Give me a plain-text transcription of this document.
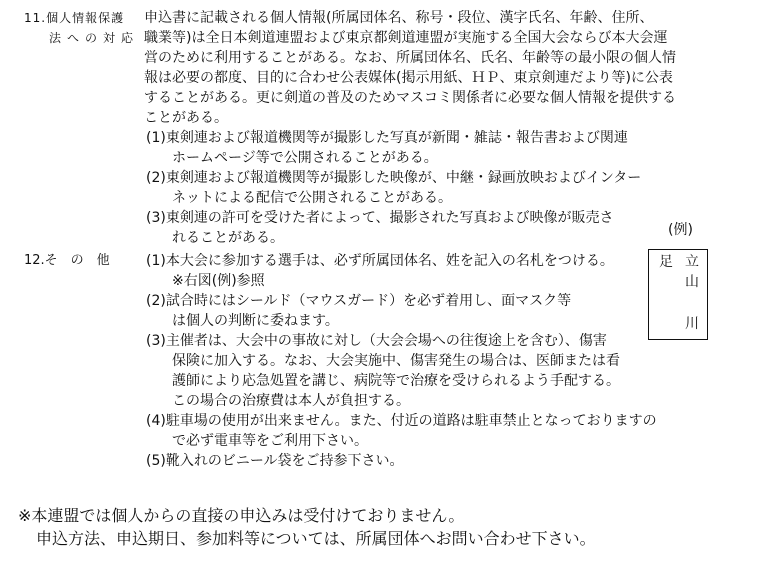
11.個人情報保護
法への対応
申込書に記載される個人情報(所属団体名、称号・段位、漢字氏名、年齢、住所、
職業等)は全日本剣道連盟および東京都剣道連盟が実施する全国大会ならび本大会運
営のために利用することがある。なお、所属団体名、氏名、年齢等の最小限の個人情
報は必要の都度、目的に合わせ公表媒体(掲示用紙、ＨＰ、東京剣連だより等)に公表
することがある。更に剣道の普及のためマスコミ関係者に必要な個人情報を提供する
ことがある。
(1)東剣連および報道機関等が撮影した写真が新聞・雑誌・報告書および関連
ホームページ等で公開されることがある。
(2)東剣連および報道機関等が撮影した映像が、中継・録画放映およびインター
ネットによる配信で公開されることがある。
(3)東剣連の許可を受けた者によって、撮影された写真および映像が販売さ
れることがある。
12.そ　の　他	(1)本大会に参加する選手は、必ず所属団体名、姓を記入の名札をつける。
※右図(例)参照
(2)試合時にはシールド（マウスガード）を必ず着用し、面マスク等
は個人の判断に委ねます。
(3)主催者は、大会中の事故に対し（大会会場への往復途上を含む）、傷害
保険に加入する。なお、大会実施中、傷害発生の場合は、医師または看
護師により応急処置を講じ、病院等で治療を受けられるよう手配する。
この場合の治療費は本人が負担する。
(4)駐車場の使用が出来ません。また、付近の道路は駐車禁止となっておりますの
で必ず電車等をご利用下さい。
(5)靴入れのビニール袋をご持参下さい。
(例)
足 立
山
川
※本連盟では個人からの直接の申込みは受付けておりません。
申込方法、申込期日、参加料等については、所属団体へお問い合わせ下さい。
